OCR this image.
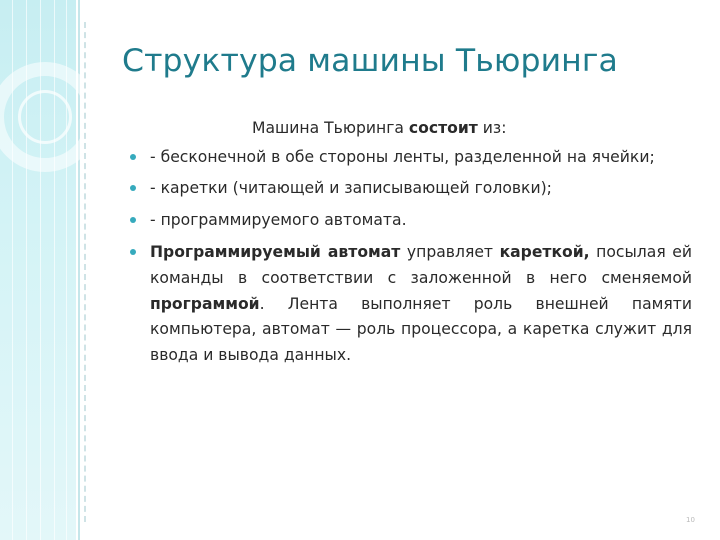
Структура машины Тьюринга

Машина Тьюринга состоит из:

- бесконечной в обе стороны ленты, разделенной на ячейки;
- каретки (читающей и записывающей головки);
- программируемого автомата.
Программируемый автомат управляет кареткой, посылая ей команды в соответствии с заложенной в него сменяемой программой. Лента выполняет роль внешней памяти компьютера, автомат — роль процессора, а каретка служит для ввода и вывода данных.
10
